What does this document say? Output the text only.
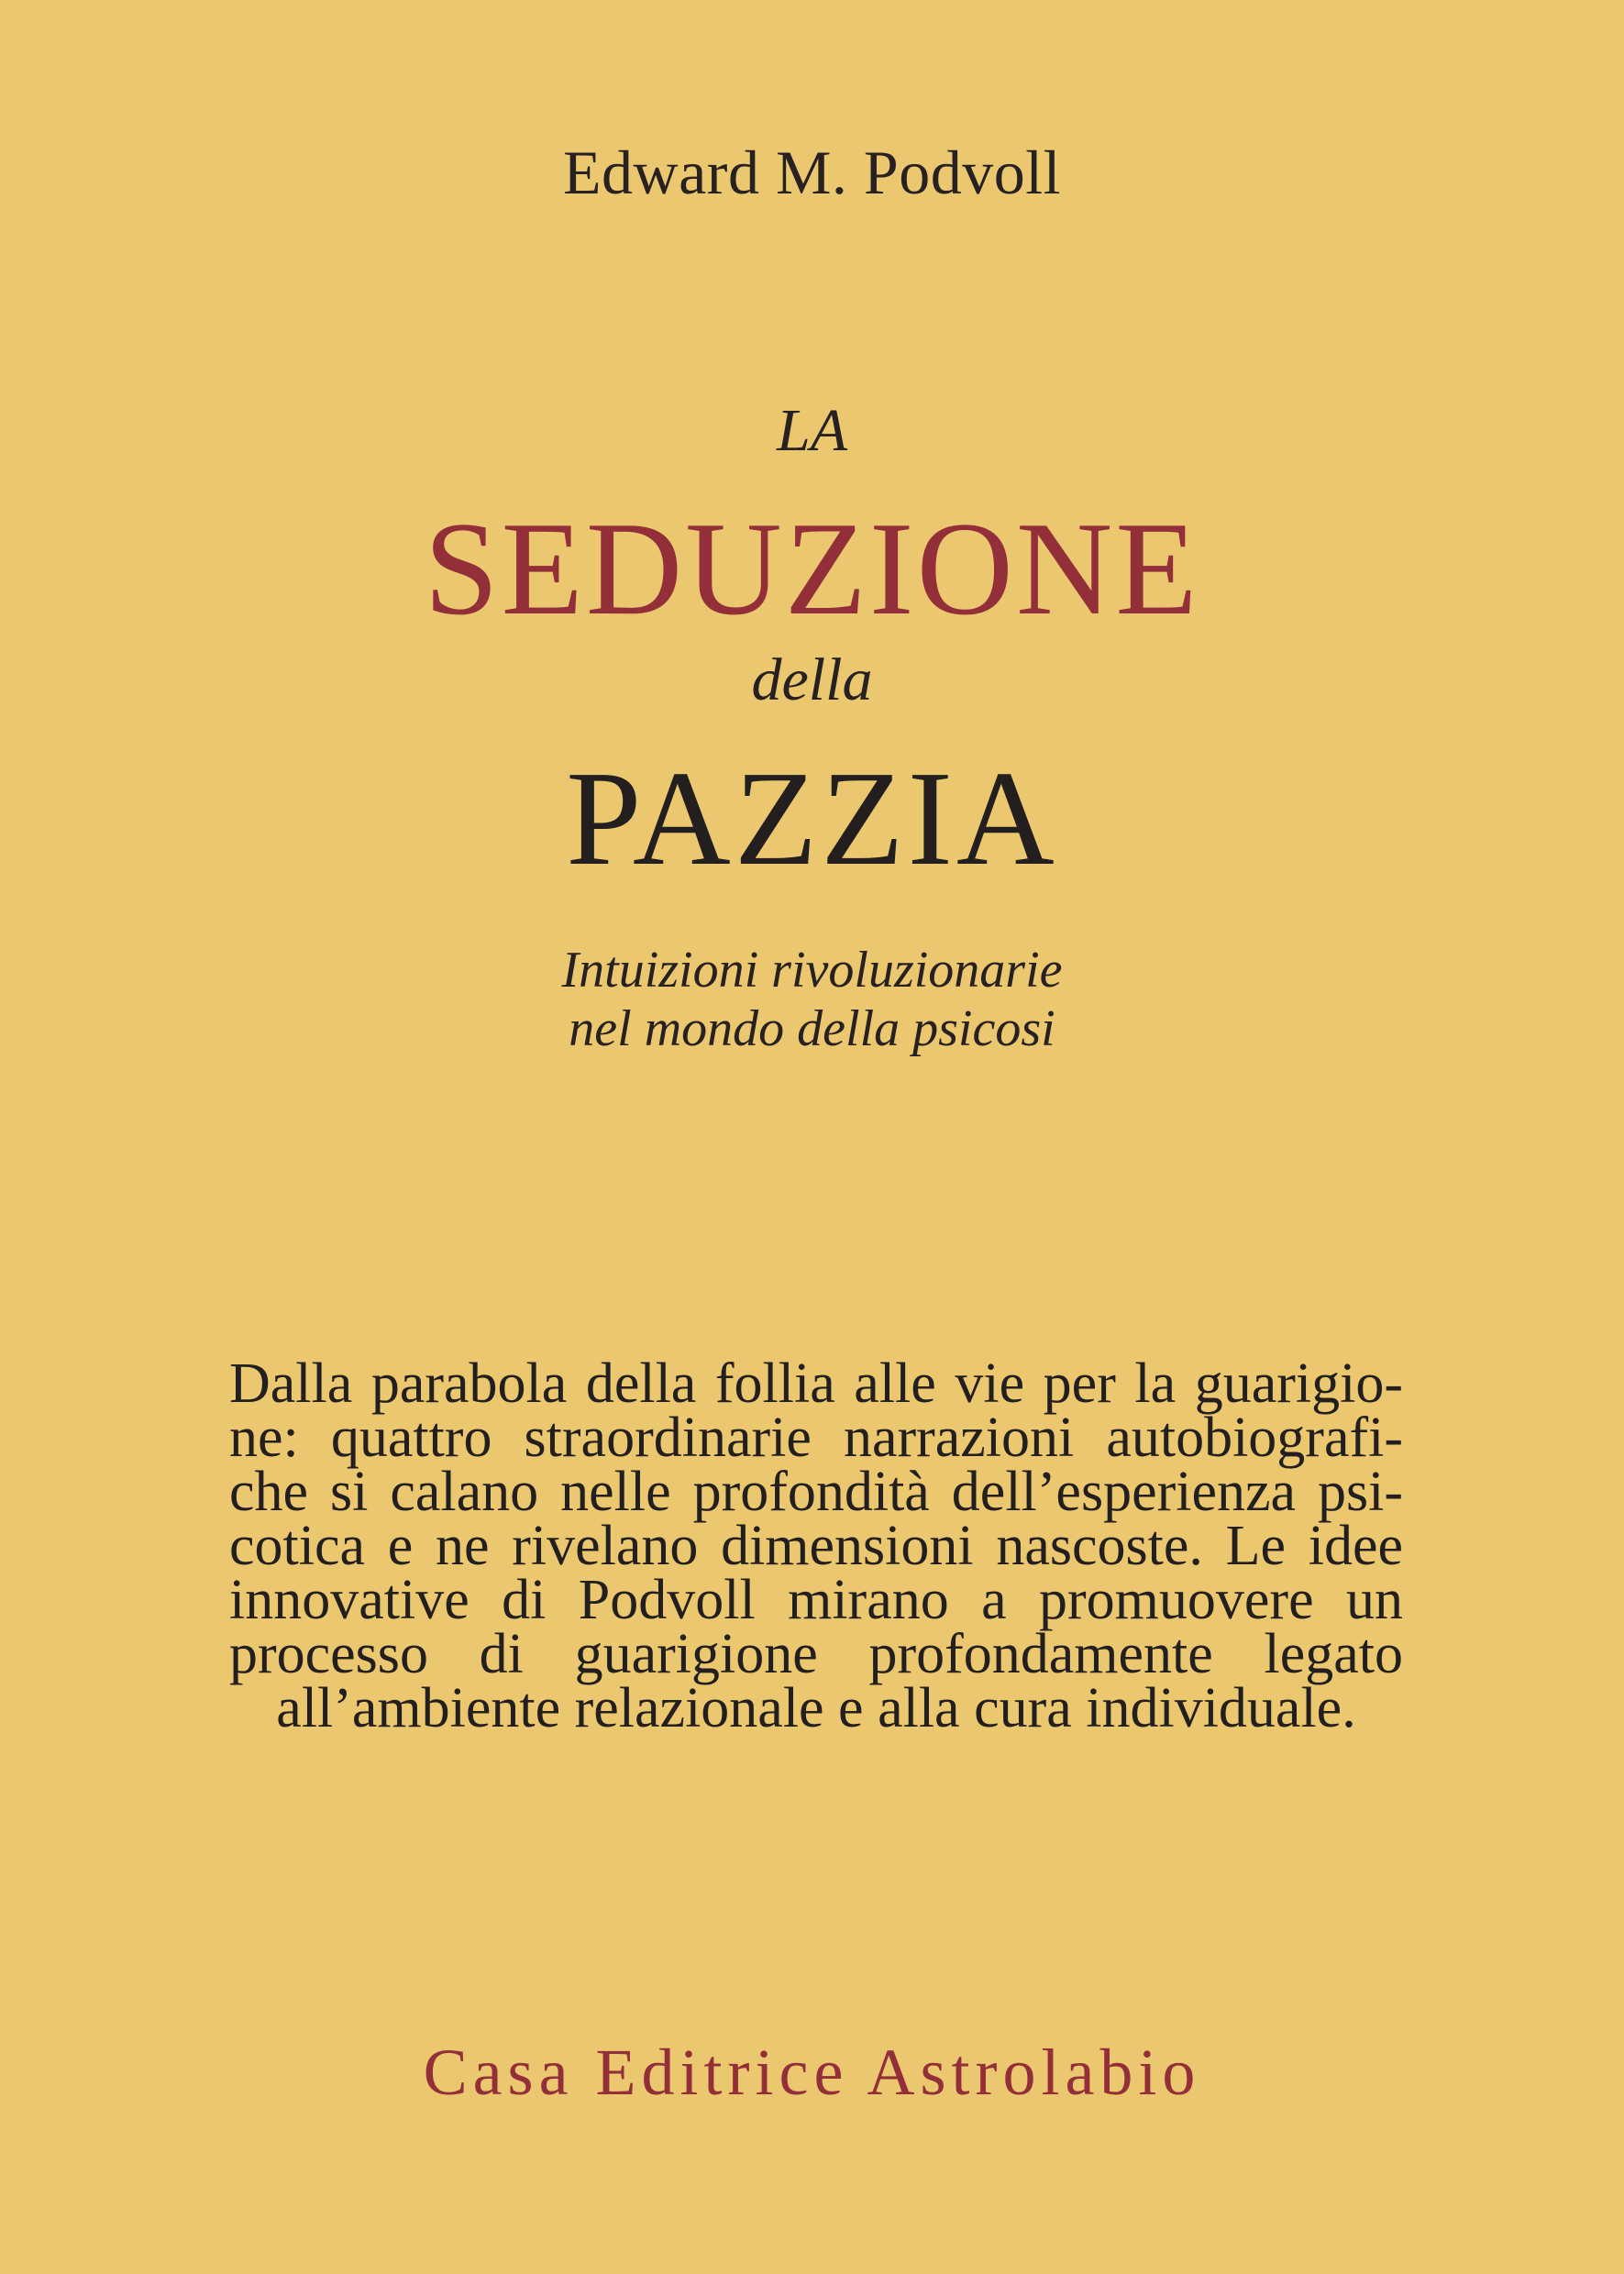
Edward M. Podvoll
LA
SEDUZIONE
della
PAZZIA
Intuizioni rivoluzionarie
nel mondo della psicosi
Dalla parabola della follia alle vie per la guarigio-
ne: quattro straordinarie narrazioni autobiografi-
che si calano nelle profondità dell’esperienza psi-
cotica e ne rivelano dimensioni nascoste. Le idee
innovative di Podvoll mirano a promuovere un
processo di guarigione profondamente legato
all’ambiente relazionale e alla cura individuale.
Casa Editrice Astrolabio
